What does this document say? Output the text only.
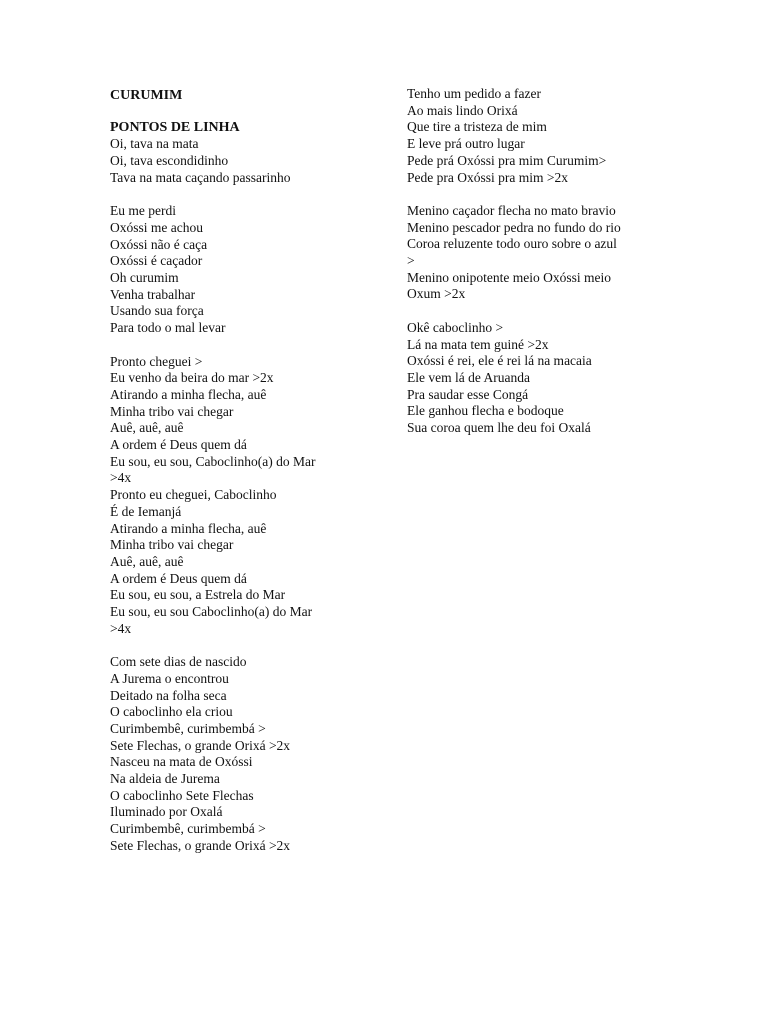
CURUMIM
PONTOS DE LINHA
Oi, tava na mata
Oi, tava escondidinho
Tava na mata caçando passarinho
Eu me perdi
Oxóssi me achou
Oxóssi não é caça
Oxóssi é caçador
Oh curumim
Venha trabalhar
Usando sua força
Para todo o mal levar
Pronto cheguei >
Eu venho da beira do mar >2x
Atirando a minha flecha, auê
Minha tribo vai chegar
Auê, auê, auê
A ordem é Deus quem dá
Eu sou, eu sou, Caboclinho(a) do Mar
>4x
Pronto eu cheguei, Caboclinho
É de Iemanjá
Atirando a minha flecha, auê
Minha tribo vai chegar
Auê, auê, auê
A ordem é Deus quem dá
Eu sou, eu sou, a Estrela do Mar
Eu sou, eu sou Caboclinho(a) do Mar
>4x
Com sete dias de nascido
A Jurema o encontrou
Deitado na folha seca
O caboclinho ela criou
Curimbembê, curimbembá >
Sete Flechas, o grande Orixá >2x
Nasceu na mata de Oxóssi
Na aldeia de Jurema
O caboclinho Sete Flechas
Iluminado por Oxalá
Curimbembê, curimbembá >
Sete Flechas, o grande Orixá >2x
Tenho um pedido a fazer
Ao mais lindo Orixá
Que tire a tristeza de mim
E leve prá outro lugar
Pede prá Oxóssi pra mim Curumim>
Pede pra Oxóssi pra mim >2x
Menino caçador flecha no mato bravio
Menino pescador pedra no fundo do rio
Coroa reluzente todo ouro sobre o azul
>
Menino onipotente meio Oxóssi meio
Oxum >2x
Okê caboclinho >
Lá na mata tem guiné >2x
Oxóssi é rei, ele é rei lá na macaia
Ele vem lá de Aruanda
Pra saudar esse Congá
Ele ganhou flecha e bodoque
Sua coroa quem lhe deu foi Oxalá
